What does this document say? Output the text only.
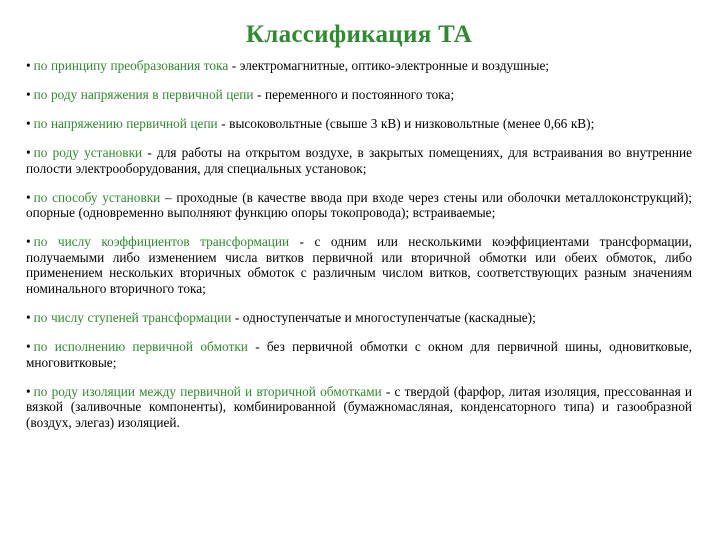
Классификация ТА
• по принципу преобразования тока - электромагнитные, оптико-электронные и воздушные;
• по роду напряжения в первичной цепи - переменного и постоянного тока;
• по напряжению первичной цепи - высоковольтные (свыше 3 кВ) и низковольтные (менее 0,66 кВ);
• по роду установки - для работы на открытом воздухе, в закрытых помещениях, для встраивания во внутренние полости электрооборудования, для специальных установок;
• по способу установки – проходные (в качестве ввода при входе через стены или оболочки металлоконструкций); опорные (одновременно выполняют функцию опоры токопровода); встраиваемые;
• по числу коэффициентов трансформации - с одним или несколькими коэффициентами трансформации, получаемыми либо изменением числа витков первичной или вторичной обмотки или обеих обмоток, либо применением нескольких вторичных обмоток с различным числом витков, соответствующих разным значениям номинального вторичного тока;
• по числу ступеней трансформации - одноступенчатые и многоступенчатые (каскадные);
• по исполнению первичной обмотки - без первичной обмотки с окном для первичной шины, одновитковые, многовитковые;
• по роду изоляции между первичной и вторичной обмотками - с твердой (фарфор, литая изоляция, прессованная и вязкой (заливочные компоненты), комбинированной (бумажномасляная, конденсаторного типа) и газообразной (воздух, элегаз) изоляцией.
